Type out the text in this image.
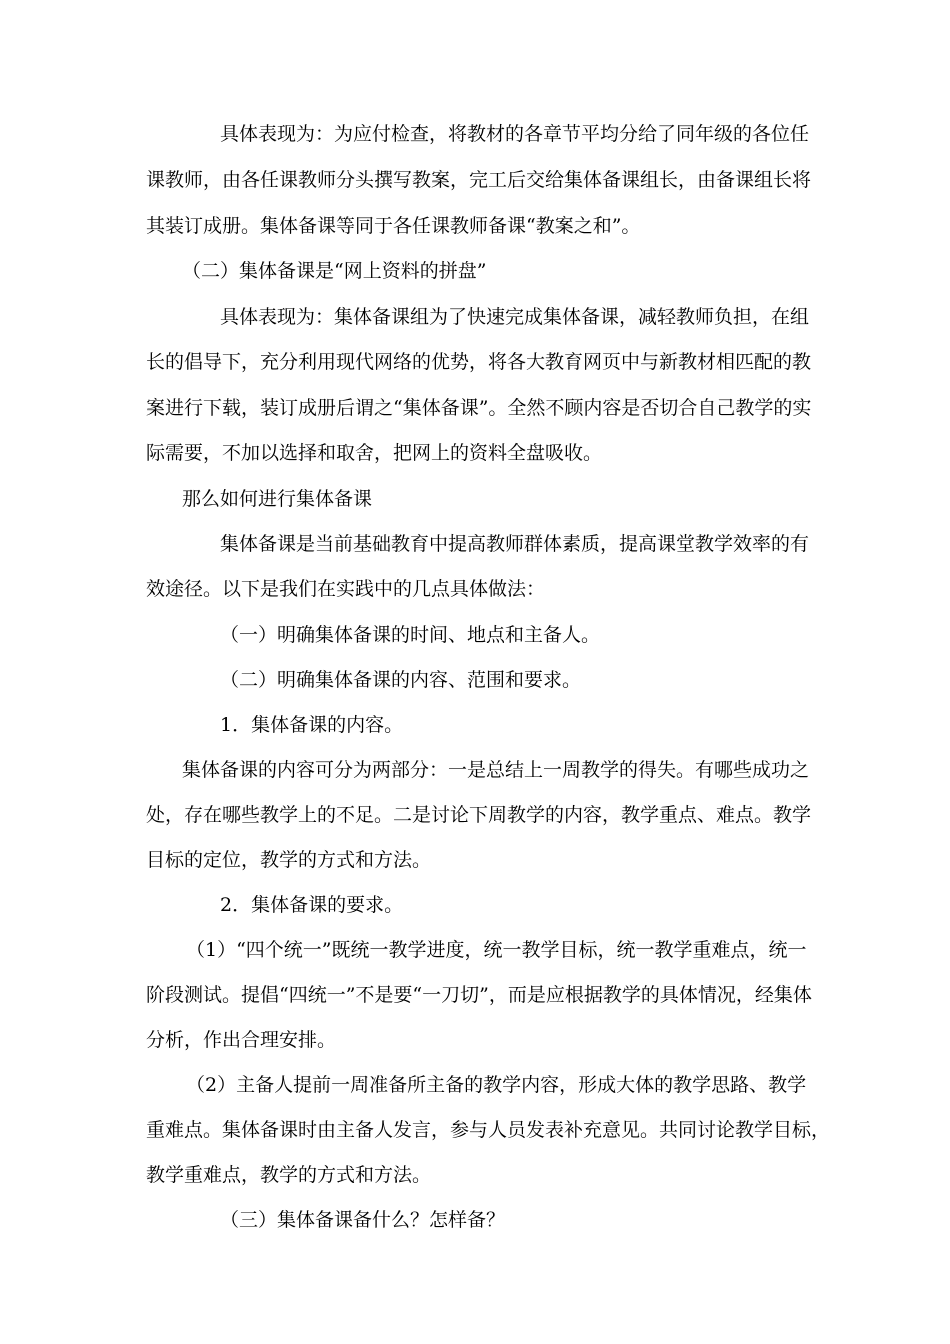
具体表现为：为应付检查，将教材的各章节平均分给了同年级的各位任
课教师，由各任课教师分头撰写教案，完工后交给集体备课组长，由备课组长将
其装订成册。集体备课等同于各任课教师备课“教案之和”。
（二）集体备课是“网上资料的拼盘”
具体表现为：集体备课组为了快速完成集体备课，减轻教师负担，在组
长的倡导下，充分利用现代网络的优势，将各大教育网页中与新教材相匹配的教
案进行下载，装订成册后谓之“集体备课”。全然不顾内容是否切合自己教学的实
际需要，不加以选择和取舍，把网上的资料全盘吸收。
那么如何进行集体备课
集体备课是当前基础教育中提高教师群体素质，提高课堂教学效率的有
效途径。以下是我们在实践中的几点具体做法：
（一）明确集体备课的时间、地点和主备人。
（二）明确集体备课的内容、范围和要求。
1．集体备课的内容。
集体备课的内容可分为两部分：一是总结上一周教学的得失。有哪些成功之
处，存在哪些教学上的不足。二是讨论下周教学的内容，教学重点、难点。教学
目标的定位，教学的方式和方法。
2．集体备课的要求。
（1）“四个统一”既统一教学进度，统一教学目标，统一教学重难点，统一
阶段测试。提倡“四统一”不是要“一刀切”，而是应根据教学的具体情况，经集体
分析，作出合理安排。
（2）主备人提前一周准备所主备的教学内容，形成大体的教学思路、教学
重难点。集体备课时由主备人发言，参与人员发表补充意见。共同讨论教学目标，
教学重难点，教学的方式和方法。
（三）集体备课备什么？怎样备？
